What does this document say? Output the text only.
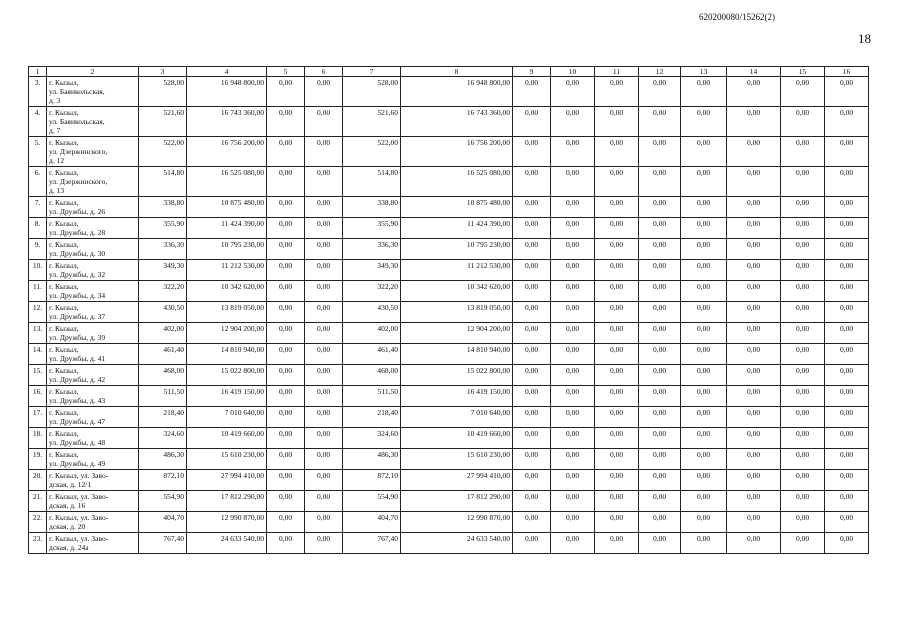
620200080/15262(2)
18
1	2	3	4	5	6	7	8	9	10	11	12	13	14	15	16
3.	г. Кызыл,
ул. Баянкольская,
д. 3	528,00	16 948 800,00	0,00	0,00	528,00	16 948 800,00	0,00	0,00	0,00	0,00	0,00	0,00	0,00	0,00
4.	г. Кызыл,
ул. Баянкольская,
д. 7	521,60	16 743 360,00	0,00	0,00	521,60	16 743 360,00	0,00	0,00	0,00	0,00	0,00	0,00	0,00	0,00
5.	г. Кызыл,
ул. Дзержинского,
д. 12	522,00	16 756 200,00	0,00	0,00	522,00	16 756 200,00	0,00	0,00	0,00	0,00	0,00	0,00	0,00	0,00
6.	г. Кызыл,
ул. Дзержинского,
д. 13	514,80	16 525 080,00	0,00	0,00	514,80	16 525 080,00	0,00	0,00	0,00	0,00	0,00	0,00	0,00	0,00
7.	г. Кызыл,
ул. Дружбы, д. 26	338,80	10 875 480,00	0,00	0,00	338,80	10 875 480,00	0,00	0,00	0,00	0,00	0,00	0,00	0,00	0,00
8.	г. Кызыл,
ул. Дружбы, д. 28	355,90	11 424 390,00	0,00	0,00	355,90	11 424 390,00	0,00	0,00	0,00	0,00	0,00	0,00	0,00	0,00
9.	г. Кызыл,
ул. Дружбы, д. 30	336,30	10 795 230,00	0,00	0,00	336,30	10 795 230,00	0,00	0,00	0,00	0,00	0,00	0,00	0,00	0,00
10.	г. Кызыл,
ул. Дружбы, д. 32	349,30	11 212 530,00	0,00	0,00	349,30	11 212 530,00	0,00	0,00	0,00	0,00	0,00	0,00	0,00	0,00
11.	г. Кызыл,
ул. Дружбы, д. 34	322,20	10 342 620,00	0,00	0,00	322,20	10 342 620,00	0,00	0,00	0,00	0,00	0,00	0,00	0,00	0,00
12.	г. Кызыл,
ул. Дружбы, д. 37	430,50	13 819 050,00	0,00	0,00	430,50	13 819 050,00	0,00	0,00	0,00	0,00	0,00	0,00	0,00	0,00
13.	г. Кызыл,
ул. Дружбы, д. 39	402,00	12 904 200,00	0,00	0,00	402,00	12 904 200,00	0,00	0,00	0,00	0,00	0,00	0,00	0,00	0,00
14.	г. Кызыл,
ул. Дружбы, д. 41	461,40	14 810 940,00	0,00	0,00	461,40	14 810 940,00	0,00	0,00	0,00	0,00	0,00	0,00	0,00	0,00
15.	г. Кызыл,
ул. Дружбы, д. 42	468,00	15 022 800,00	0,00	0,00	468,00	15 022 800,00	0,00	0,00	0,00	0,00	0,00	0,00	0,00	0,00
16.	г. Кызыл,
ул. Дружбы, д. 43	511,50	16 419 150,00	0,00	0,00	511,50	16 419 150,00	0,00	0,00	0,00	0,00	0,00	0,00	0,00	0,00
17.	г. Кызыл,
ул. Дружбы, д. 47	218,40	7 010 640,00	0,00	0,00	218,40	7 010 640,00	0,00	0,00	0,00	0,00	0,00	0,00	0,00	0,00
18.	г. Кызыл,
ул. Дружбы, д. 48	324,60	10 419 660,00	0,00	0,00	324,60	10 419 660,00	0,00	0,00	0,00	0,00	0,00	0,00	0,00	0,00
19.	г. Кызыл,
ул. Дружбы, д. 49	486,30	15 610 230,00	0,00	0,00	486,30	15 610 230,00	0,00	0,00	0,00	0,00	0,00	0,00	0,00	0,00
20.	г. Кызыл, ул. Заво-
дская, д. 12/1	872,10	27 994 410,00	0,00	0,00	872,10	27 994 410,00	0,00	0,00	0,00	0,00	0,00	0,00	0,00	0,00
21.	г. Кызыл, ул. Заво-
дская, д. 16	554,90	17 812 290,00	0,00	0,00	554,90	17 812 290,00	0,00	0,00	0,00	0,00	0,00	0,00	0,00	0,00
22.	г. Кызыл, ул. Заво-
дская, д. 20	404,70	12 990 870,00	0,00	0,00	404,70	12 990 870,00	0,00	0,00	0,00	0,00	0,00	0,00	0,00	0,00
23.	г. Кызыл, ул. Заво-
дская, д. 24а	767,40	24 633 540,00	0,00	0,00	767,40	24 633 540,00	0,00	0,00	0,00	0,00	0,00	0,00	0,00	0,00
